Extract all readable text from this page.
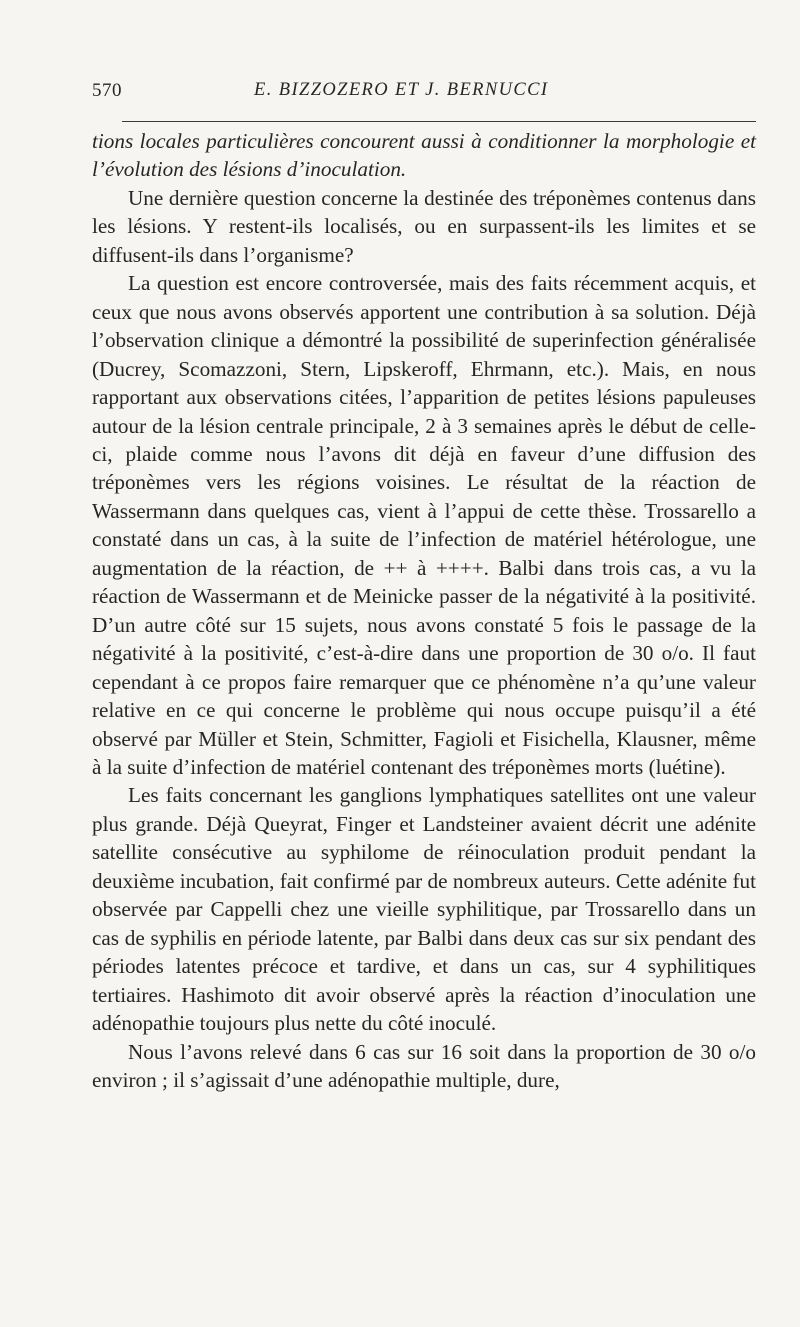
570	E. BIZZOZERO ET J. BERNUCCI

tions locales particulières concourent aussi à conditionner la morphologie et l’évolution des lésions d’inoculation.

Une dernière question concerne la destinée des tréponèmes contenus dans les lésions. Y restent-ils localisés, ou en surpassent-ils les limites et se diffusent-ils dans l’organisme?

La question est encore controversée, mais des faits récemment acquis, et ceux que nous avons observés apportent une contribution à sa solution. Déjà l’observation clinique a démontré la possibilité de superinfection généralisée (Ducrey, Scomazzoni, Stern, Lipskeroff, Ehrmann, etc.). Mais, en nous rapportant aux observations citées, l’apparition de petites lésions papuleuses autour de la lésion centrale principale, 2 à 3 semaines après le début de celle-ci, plaide comme nous l’avons dit déjà en faveur d’une diffusion des tréponèmes vers les régions voisines. Le résultat de la réaction de Wassermann dans quelques cas, vient à l’appui de cette thèse. Trossarello a constaté dans un cas, à la suite de l’infection de matériel hétérologue, une augmentation de la réaction, de ++ à ++++. Balbi dans trois cas, a vu la réaction de Wassermann et de Meinicke passer de la négativité à la positivité. D’un autre côté sur 15 sujets, nous avons constaté 5 fois le passage de la négativité à la positivité, c’est-à-dire dans une proportion de 30 o/o. Il faut cependant à ce propos faire remarquer que ce phénomène n’a qu’une valeur relative en ce qui concerne le problème qui nous occupe puisqu’il a été observé par Müller et Stein, Schmitter, Fagioli et Fisichella, Klausner, même à la suite d’infection de matériel contenant des tréponèmes morts (luétine).

Les faits concernant les ganglions lymphatiques satellites ont une valeur plus grande. Déjà Queyrat, Finger et Landsteiner avaient décrit une adénite satellite consécutive au syphilome de réinoculation produit pendant la deuxième incubation, fait confirmé par de nombreux auteurs. Cette adénite fut observée par Cappelli chez une vieille syphilitique, par Trossarello dans un cas de syphilis en période latente, par Balbi dans deux cas sur six pendant des périodes latentes précoce et tardive, et dans un cas, sur 4 syphilitiques tertiaires. Hashimoto dit avoir observé après la réaction d’inoculation une adénopathie toujours plus nette du côté inoculé.

Nous l’avons relevé dans 6 cas sur 16 soit dans la proportion de 30 o/o environ ; il s’agissait d’une adénopathie multiple, dure,
